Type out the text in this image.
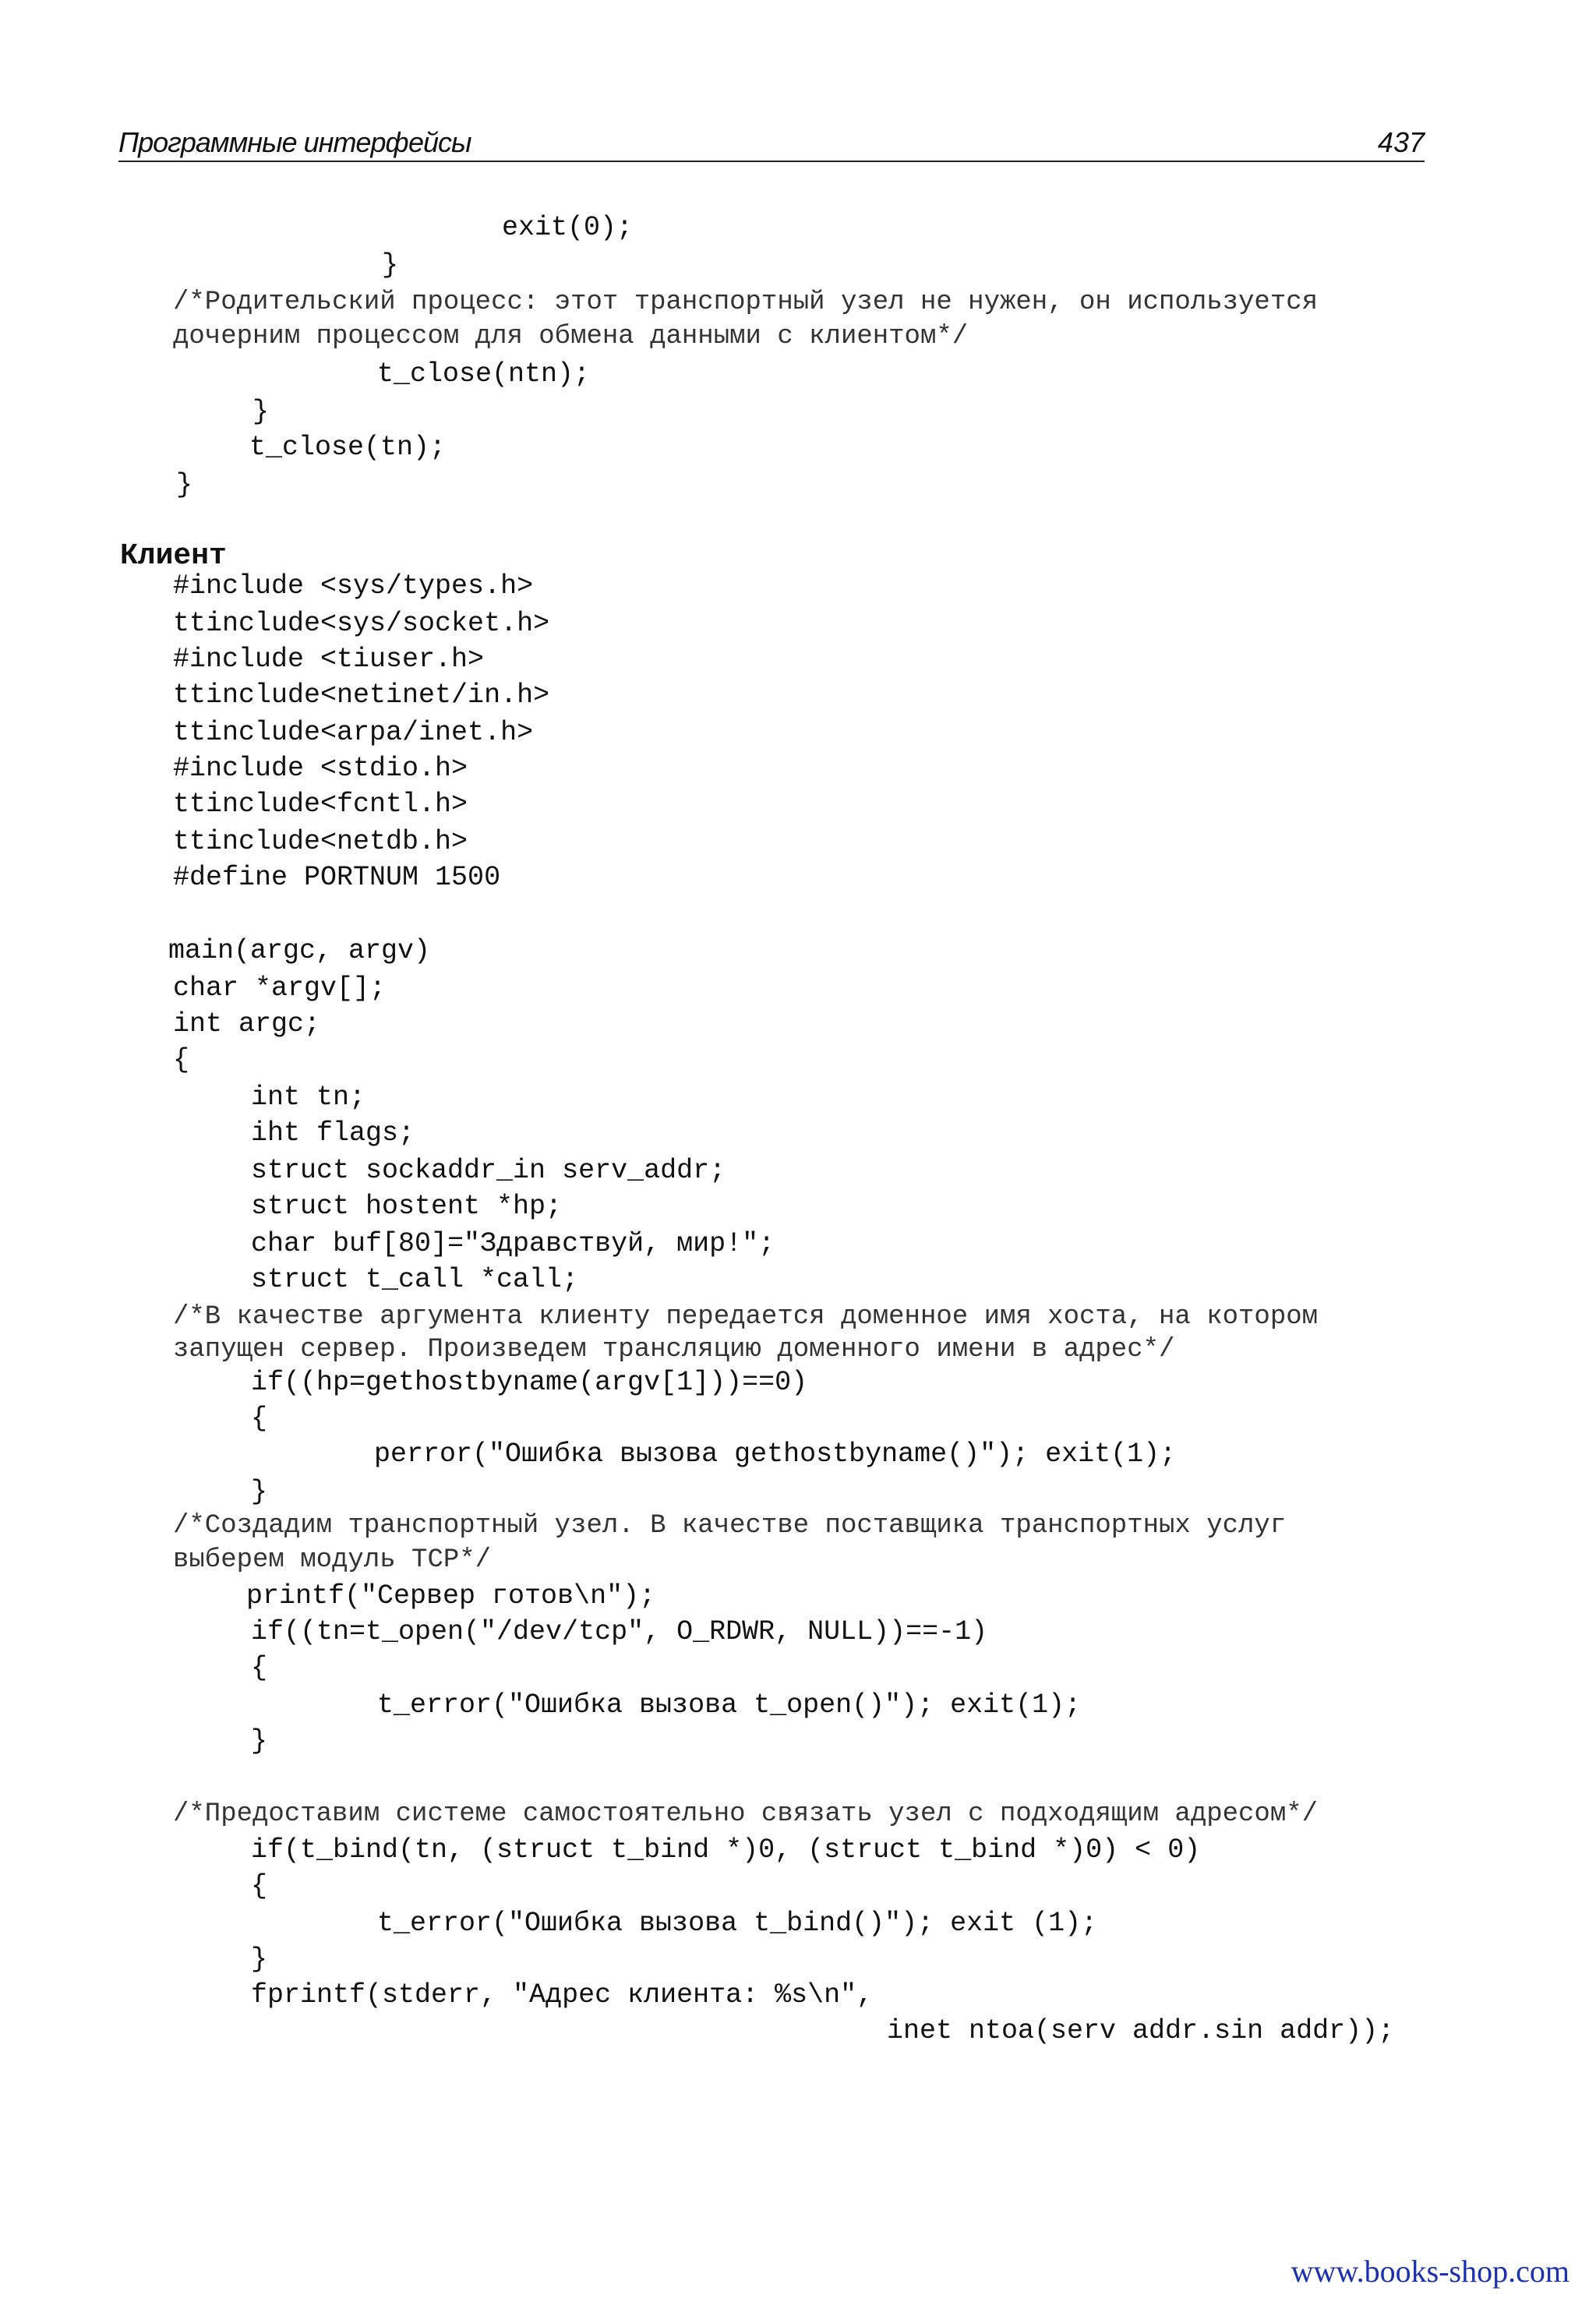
Программные интерфейсы	437
exit(0);
}
/*Родительский процесс: этот транспортный узел не нужен, он используется
дочерним процессом для обмена данными с клиентом*/
t_close(ntn);
}
t_close(tn);
}
Клиент
#include <sys/types.h>
ttinclude<sys/socket.h>
#include <tiuser.h>
ttinclude<netinet/in.h>
ttinclude<arpa/inet.h>
#include <stdio.h>
ttinclude<fcntl.h>
ttinclude<netdb.h>
#define PORTNUM 1500
main(argc, argv)
char *argv[];
int argc;
{
int tn;
iht flags;
struct sockaddr_in serv_addr;
struct hostent *hp;
char buf[80]="Здравствуй, мир!";
struct t_call *call;
/*В качестве аргумента клиенту передается доменное имя хоста, на котором
запущен сервер. Произведем трансляцию доменного имени в адрес*/
if((hp=gethostbyname(argv[1]))==0)
{
perror("Ошибка вызова gethostbyname()"); exit(1);
}
/*Создадим транспортный узел. В качестве поставщика транспортных услуг
выберем модуль TCP*/
printf("Сервер готов\n");
if((tn=t_open("/dev/tcp", O_RDWR, NULL))==-1)
{
t_error("Ошибка вызова t_open()"); exit(1);
}
/*Предоставим системе самостоятельно связать узел с подходящим адресом*/
if(t_bind(tn, (struct t_bind *)0, (struct t_bind *)0) < 0)
{
t_error("Ошибка вызова t_bind()"); exit (1);
}
fprintf(stderr, "Адрес клиента: %s\n",
inet ntoa(serv addr.sin addr));
www.books-shop.com
